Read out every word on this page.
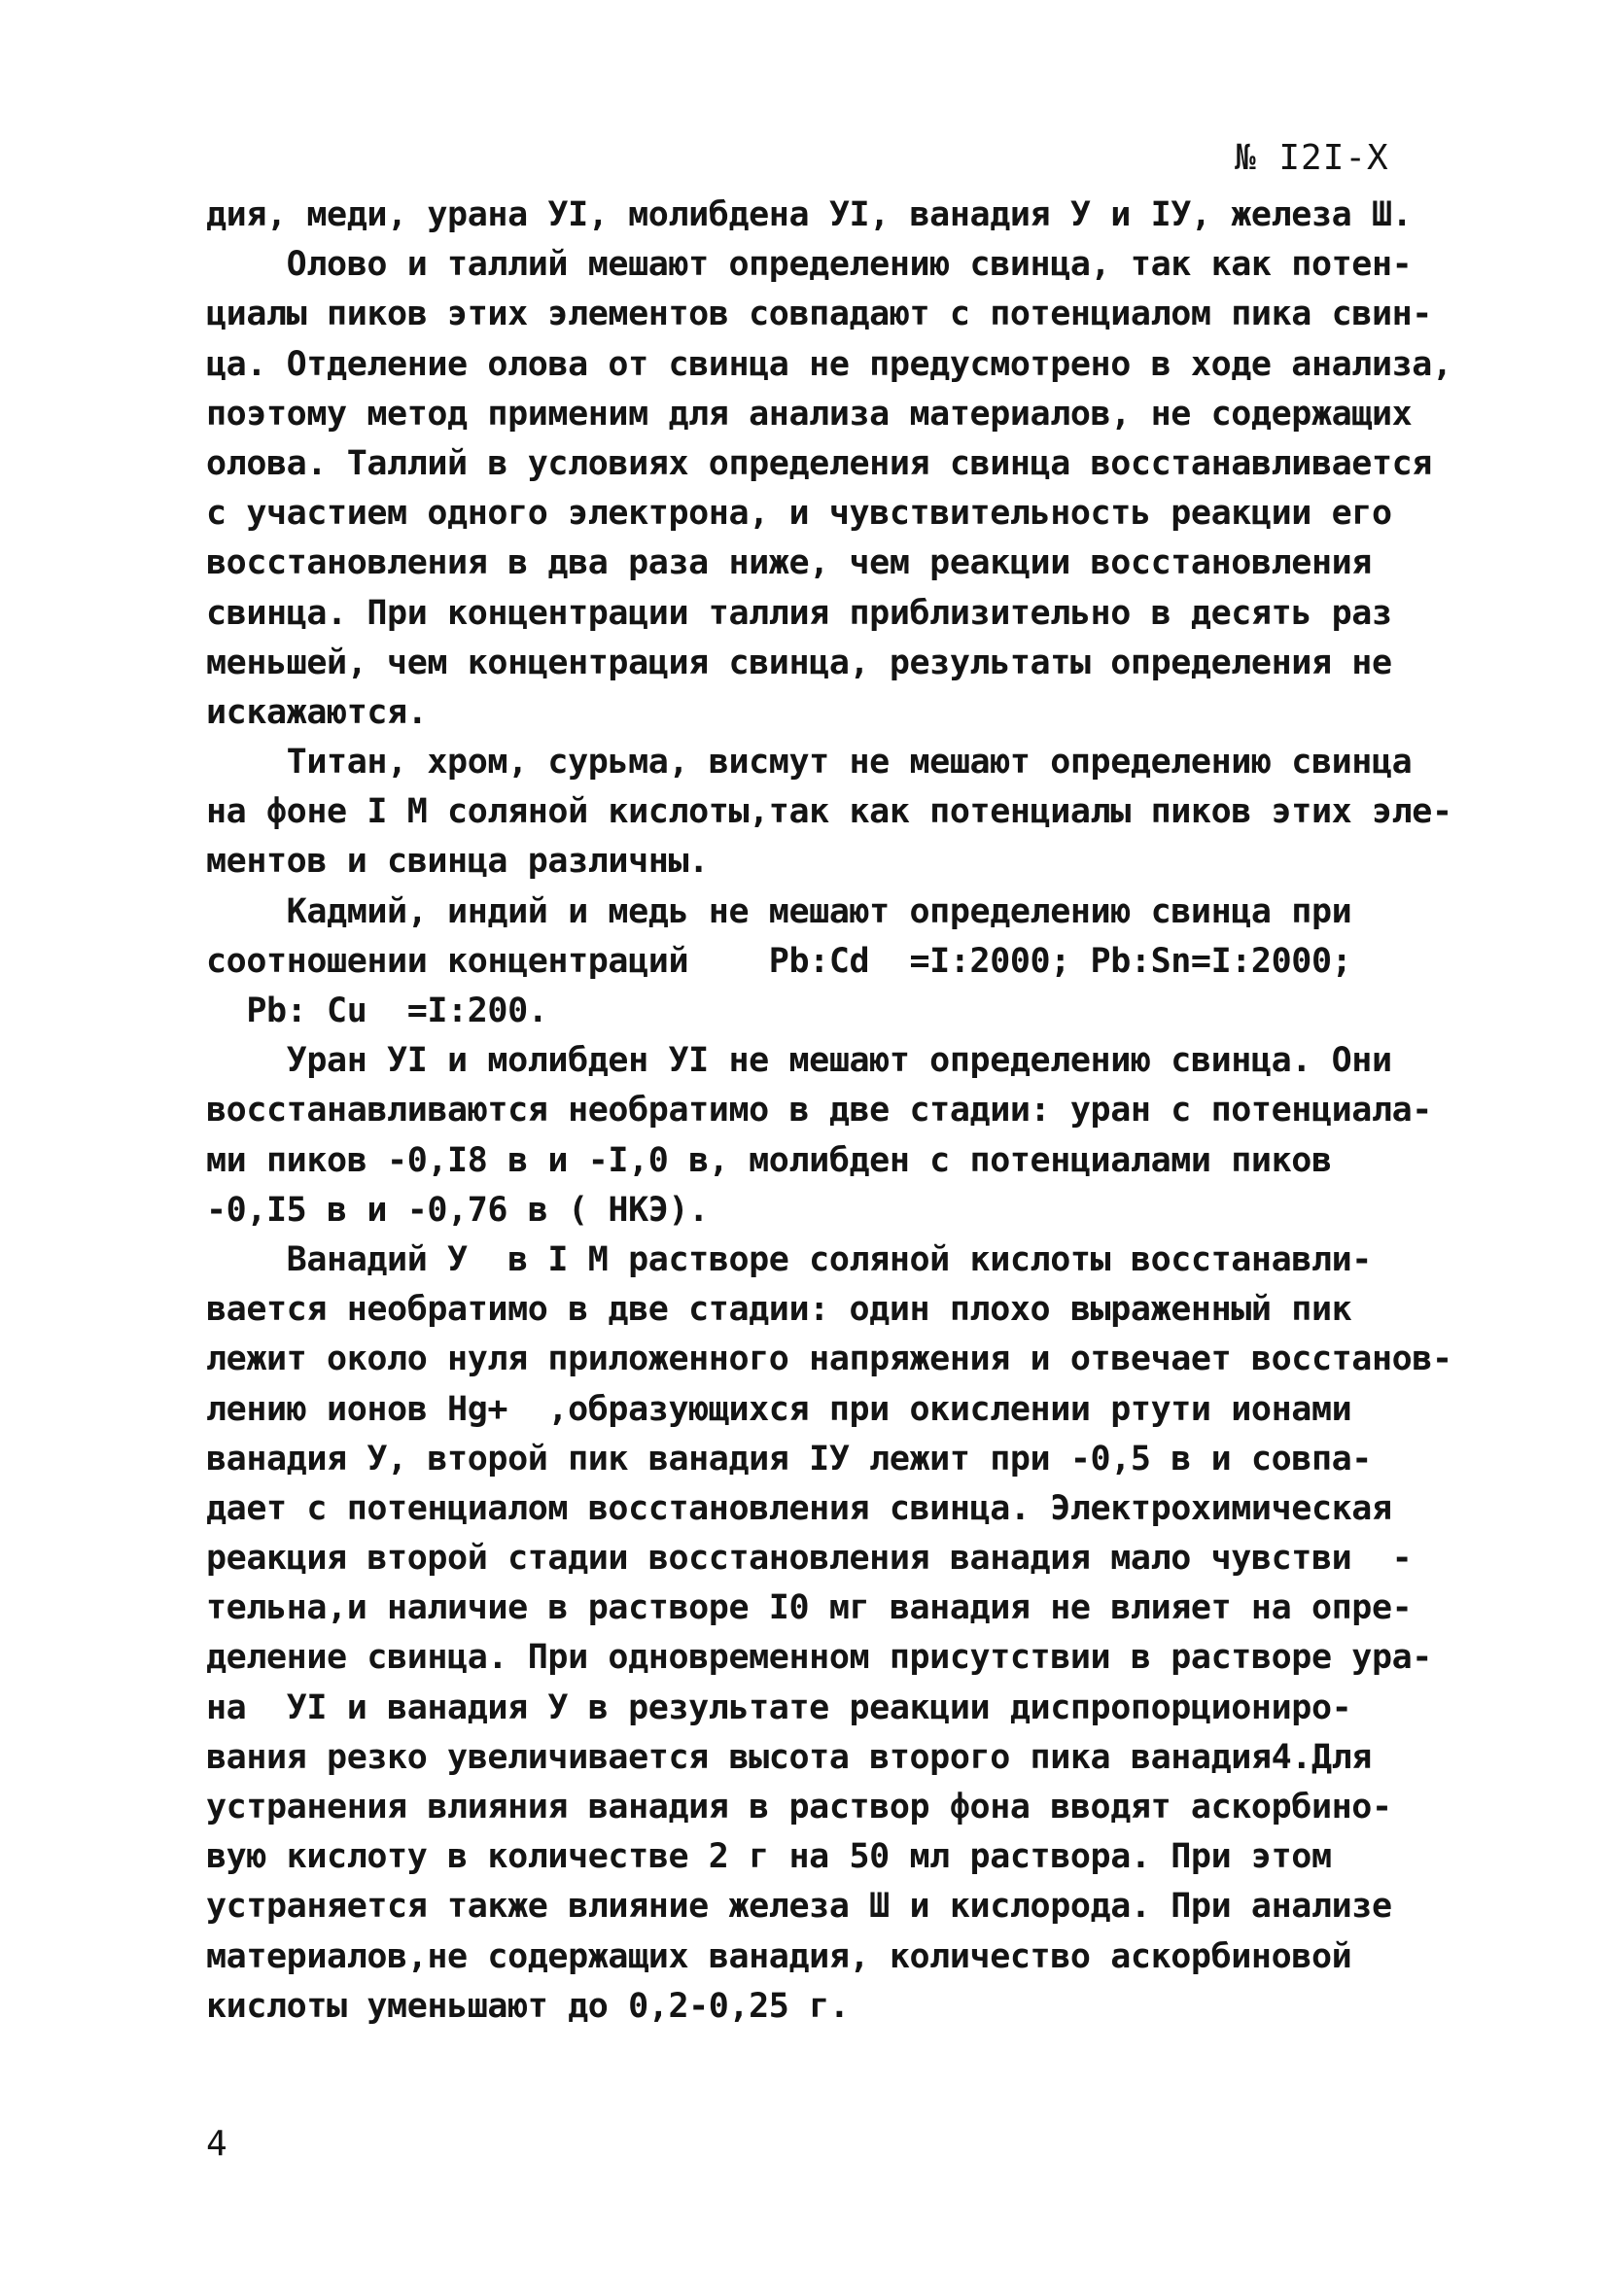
№ I2I-X
дия, меди, урана УI, молибдена УI, ванадия У и IУ, железа Ш.
Олово и таллий мешают определению свинца, так как потен-
циалы пиков этих элементов совпадают с потенциалом пика свин-
ца. Отделение олова от свинца не предусмотрено в ходе анализа,
поэтому метод применим для анализа материалов, не содержащих
олова. Таллий в условиях определения свинца восстанавливается
с участием одного электрона, и чувствительность реакции его
восстановления в два раза ниже, чем реакции восстановления
свинца. При концентрации таллия приблизительно в десять раз
меньшей, чем концентрация свинца, результаты определения не
искажаются.
Титан, хром, сурьма, висмут не мешают определению свинца
на фоне I М соляной кислоты,так как потенциалы пиков этих эле-
ментов и свинца различны.
Кадмий, индий и медь не мешают определению свинца при
соотношении концентраций    Pb:Cd  =I:2000; Pb:Sn=I:2000;
Pb: Cu  =I:200.
Уран УI и молибден УI не мешают определению свинца. Они
восстанавливаются необратимо в две стадии: уран с потенциала-
ми пиков -0,I8 в и -I,0 в, молибден с потенциалами пиков
-0,I5 в и -0,76 в ( НКЭ).
Ванадий У  в I М растворе соляной кислоты восстанавли-
вается необратимо в две стадии: один плохо выраженный пик
лежит около нуля приложенного напряжения и отвечает восстанов-
лению ионов Hg+  ,образующихся при окислении ртути ионами
ванадия У, второй пик ванадия IУ лежит при -0,5 в и совпа-
дает с потенциалом восстановления свинца. Электрохимическая
реакция второй стадии восстановления ванадия мало чувстви  -
тельна,и наличие в растворе I0 мг ванадия не влияет на опре-
деление свинца. При одновременном присутствии в растворе ура-
на  УI и ванадия У в результате реакции диспропорциониро-
вания резко увеличивается высота второго пика ванадия4.Для
устранения влияния ванадия в раствор фона вводят аскорбино-
вую кислоту в количестве 2 г на 50 мл раствора. При этом
устраняется также влияние железа Ш и кислорода. При анализе
материалов,не содержащих ванадия, количество аскорбиновой
кислоты уменьшают до 0,2-0,25 г.
4
